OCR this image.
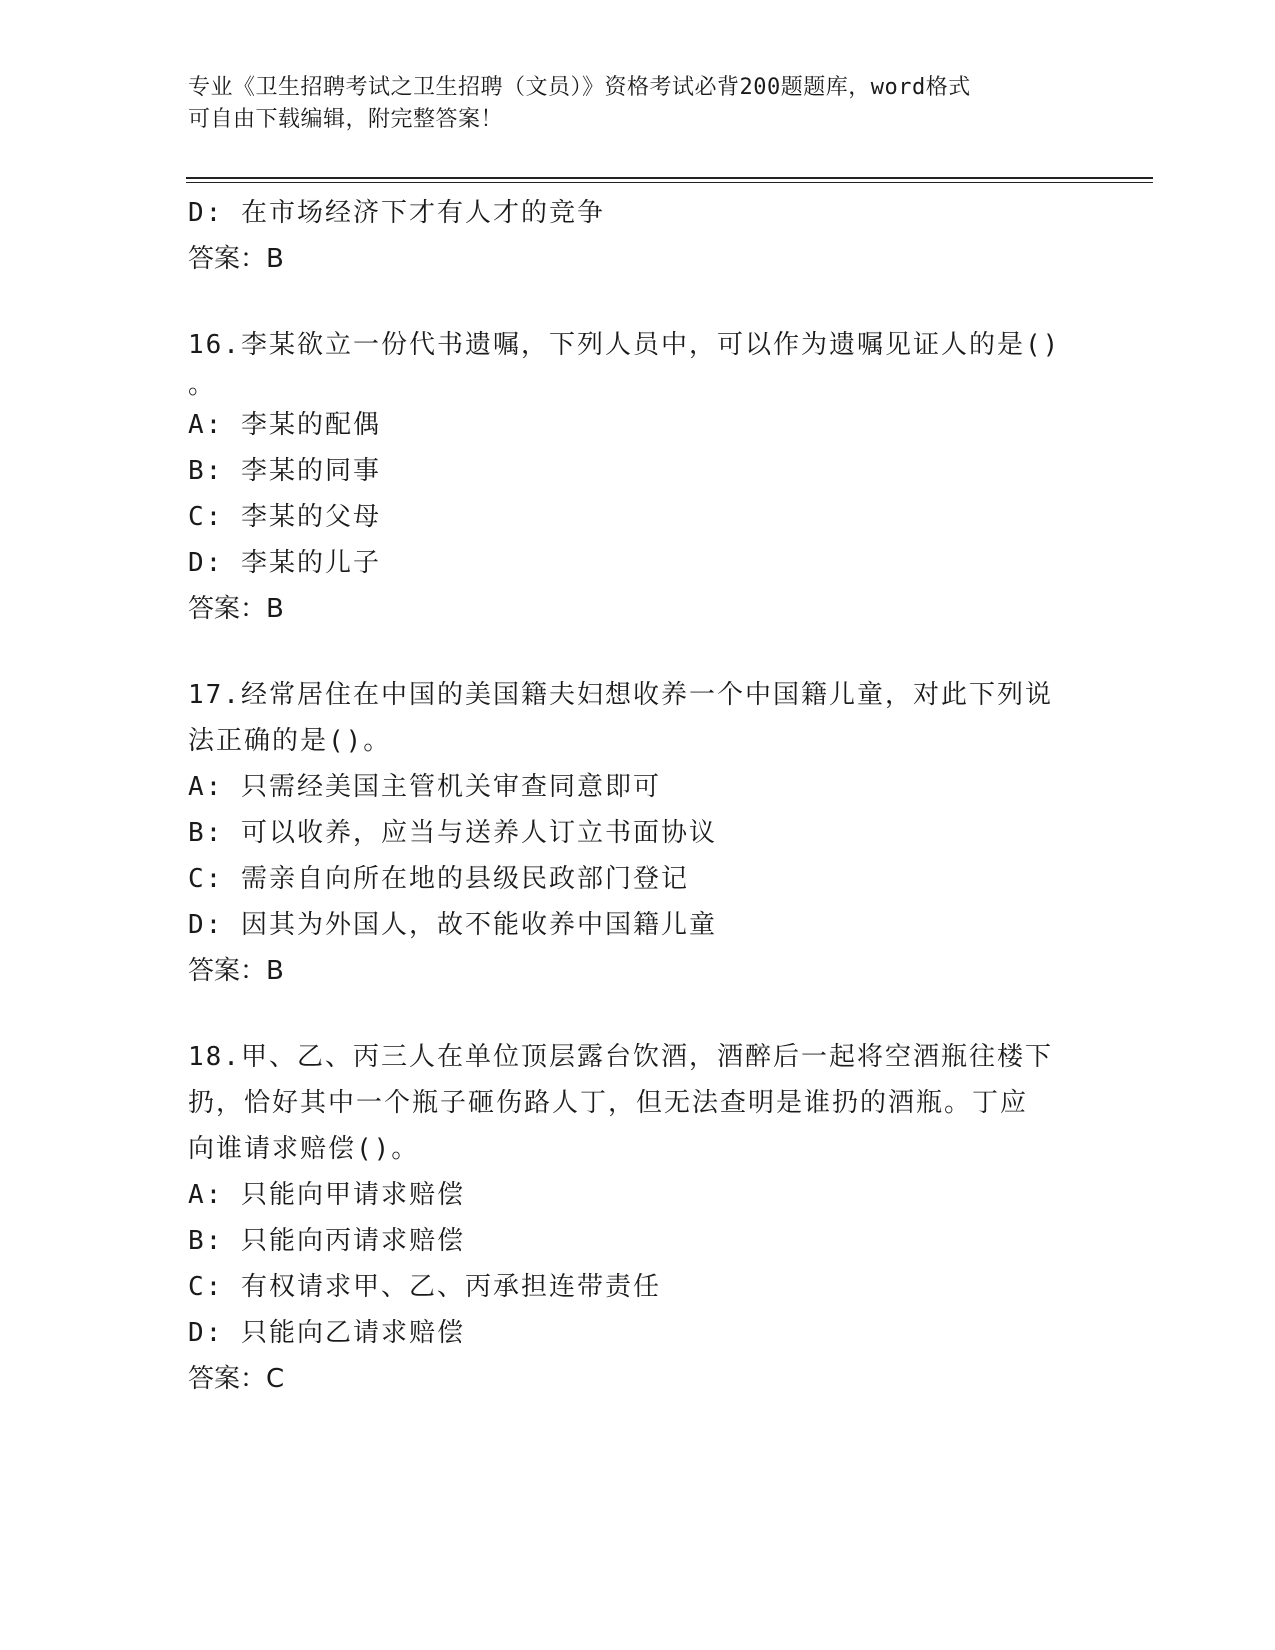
专业《卫生招聘考试之卫生招聘（文员）》资格考试必背200题题库，word格式
可自由下载编辑，附完整答案！
D: 在市场经济下才有人才的竞争
答案：B
16.李某欲立一份代书遗嘱，下列人员中，可以作为遗嘱见证人的是()
。
A: 李某的配偶
B: 李某的同事
C: 李某的父母
D: 李某的儿子
答案：B
17.经常居住在中国的美国籍夫妇想收养一个中国籍儿童，对此下列说
法正确的是()。
A: 只需经美国主管机关审查同意即可
B: 可以收养，应当与送养人订立书面协议
C: 需亲自向所在地的县级民政部门登记
D: 因其为外国人，故不能收养中国籍儿童
答案：B
18.甲、乙、丙三人在单位顶层露台饮酒，酒醉后一起将空酒瓶往楼下
扔，恰好其中一个瓶子砸伤路人丁，但无法查明是谁扔的酒瓶。丁应
向谁请求赔偿()。
A: 只能向甲请求赔偿
B: 只能向丙请求赔偿
C: 有权请求甲、乙、丙承担连带责任
D: 只能向乙请求赔偿
答案：C
